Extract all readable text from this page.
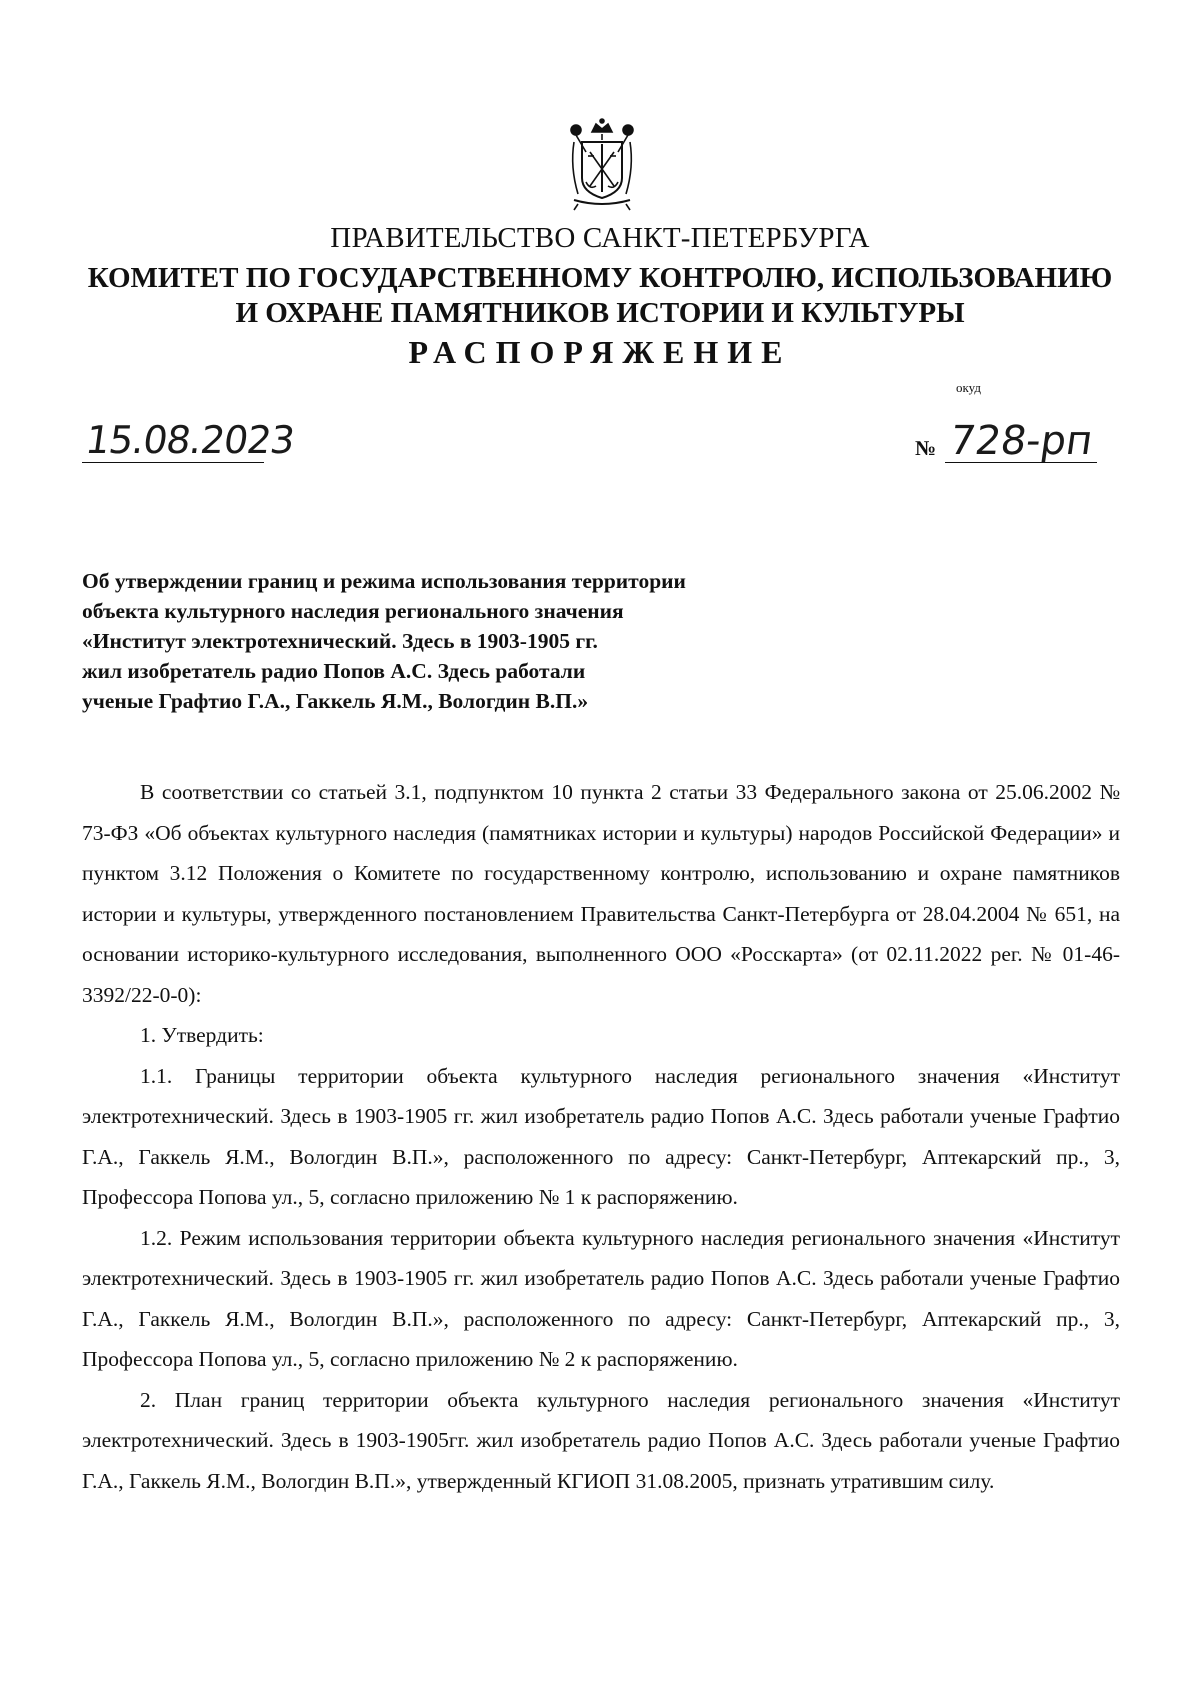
ПРАВИТЕЛЬСТВО САНКТ-ПЕТЕРБУРГА
КОМИТЕТ ПО ГОСУДАРСТВЕННОМУ КОНТРОЛЮ, ИСПОЛЬЗОВАНИЮ
И ОХРАНЕ ПАМЯТНИКОВ ИСТОРИИ И КУЛЬТУРЫ
РАСПОРЯЖЕНИЕ
окуд
15.08.2023	№ 728-рп
Об утверждении границ и режима использования территории
объекта культурного наследия регионального значения
«Институт электротехнический. Здесь в 1903-1905 гг.
жил изобретатель радио Попов А.С. Здесь работали
ученые Графтио Г.А., Гаккель Я.М., Вологдин В.П.»

В соответствии со статьей 3.1, подпунктом 10 пункта 2 статьи 33 Федерального закона от 25.06.2002 № 73-ФЗ «Об объектах культурного наследия (памятниках истории и культуры) народов Российской Федерации» и пунктом 3.12 Положения о Комитете по государственному контролю, использованию и охране памятников истории и культуры, утвержденного постановлением Правительства Санкт-Петербурга от 28.04.2004 № 651, на основании историко-культурного исследования, выполненного ООО «Росскарта» (от 02.11.2022 рег. № 01-46-3392/22-0-0):

1. Утвердить:

1.1. Границы территории объекта культурного наследия регионального значения «Институт электротехнический. Здесь в 1903-1905 гг. жил изобретатель радио Попов А.С. Здесь работали ученые Графтио Г.А., Гаккель Я.М., Вологдин В.П.», расположенного по адресу: Санкт-Петербург, Аптекарский пр., 3, Профессора Попова ул., 5, согласно приложению № 1 к распоряжению.

1.2. Режим использования территории объекта культурного наследия регионального значения «Институт электротехнический. Здесь в 1903-1905 гг. жил изобретатель радио Попов А.С. Здесь работали ученые Графтио Г.А., Гаккель Я.М., Вологдин В.П.», расположенного по адресу: Санкт-Петербург, Аптекарский пр., 3, Профессора Попова ул., 5, согласно приложению № 2 к распоряжению.

2. План границ территории объекта культурного наследия регионального значения «Институт электротехнический. Здесь в 1903-1905гг. жил изобретатель радио Попов А.С. Здесь работали ученые Графтио Г.А., Гаккель Я.М., Вологдин В.П.», утвержденный КГИОП 31.08.2005, признать утратившим силу.
